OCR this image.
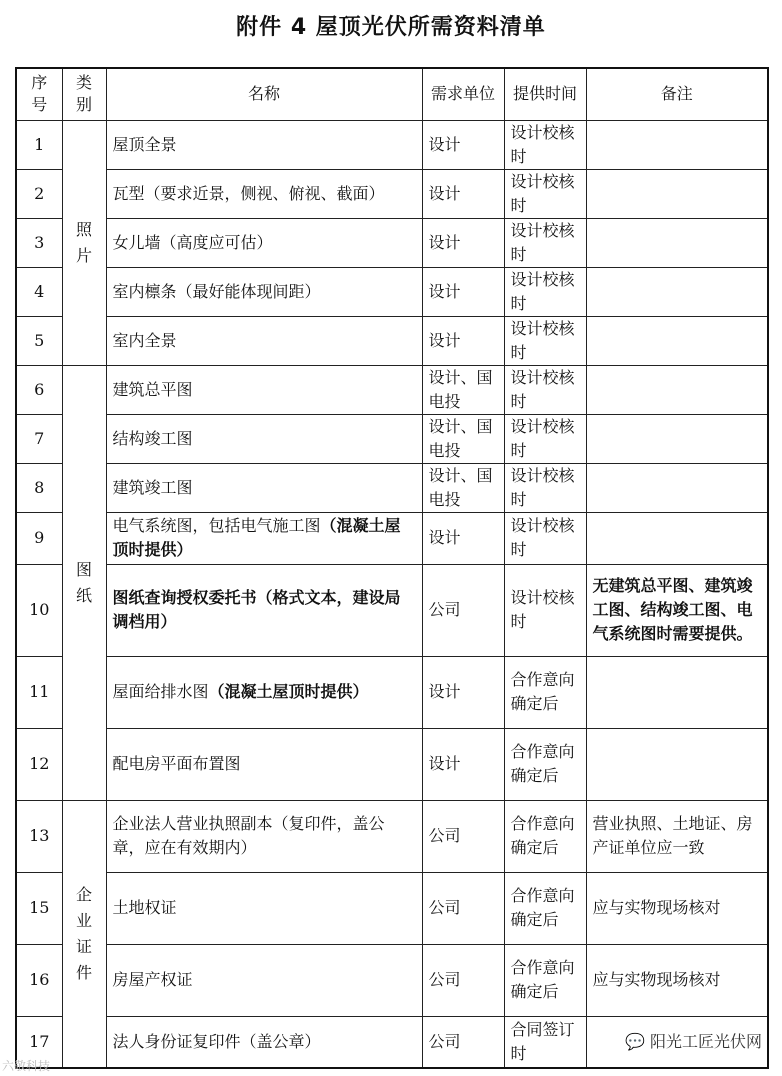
附件 4 屋顶光伏所需资料清单
序号	类别	名称	需求单位	提供时间	备注
1	照片	屋顶全景	设计	设计校核时	
2		瓦型（要求近景，侧视、俯视、截面）	设计	设计校核时	
3		女儿墙（高度应可估）	设计	设计校核时	
4		室内檩条（最好能体现间距）	设计	设计校核时	
5		室内全景	设计	设计校核时	
6	图纸	建筑总平图	设计、国电投	设计校核时	
7		结构竣工图	设计、国电投	设计校核时	
8		建筑竣工图	设计、国电投	设计校核时	
9		电气系统图，包括电气施工图（混凝土屋顶时提供）	设计	设计校核时	
10		图纸查询授权委托书（格式文本，建设局调档用）	公司	设计校核时	无建筑总平图、建筑竣工图、结构竣工图、电气系统图时需要提供。
11		屋面给排水图（混凝土屋顶时提供）	设计	合作意向确定后	
12		配电房平面布置图	设计	合作意向确定后	
13	企业证件	企业法人营业执照副本（复印件，盖公章，应在有效期内）	公司	合作意向确定后	营业执照、土地证、房产证单位应一致
15		土地权证	公司	合作意向确定后	应与实物现场核对
16		房屋产权证	公司	合作意向确定后	应与实物现场核对
17		法人身份证复印件（盖公章）	公司	合同签订时	
💬 阳光工匠光伏网
六敬科技
